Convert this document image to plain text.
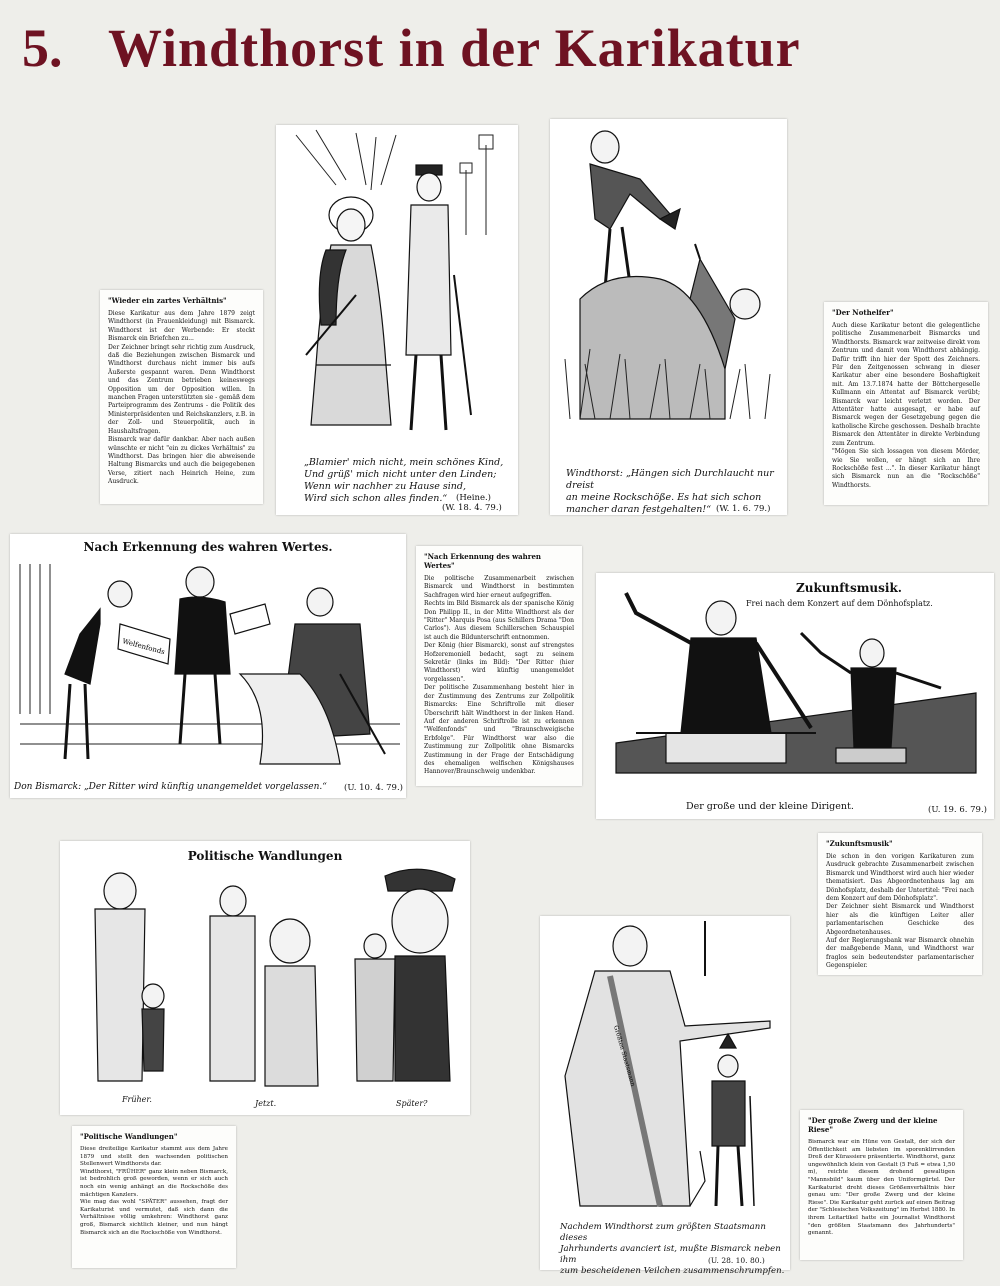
5. Windthorst in der Karikatur
„Blamier' mich nicht, mein schönes Kind,
Und grüß' mich nicht unter den Linden;
Wenn wir nachher zu Hause sind,
Wird sich schon alles finden.“	(Heine.)
(W. 18. 4. 79.)
"Wieder ein zartes Verhältnis"

Diese Karikatur aus dem Jahre 1879 zeigt Windthorst (in Frauenkleidung) mit Bismarck. Windthorst ist der Werbende: Er steckt Bismarck ein Briefchen zu...
Der Zeichner bringt sehr richtig zum Ausdruck, daß die Beziehungen zwischen Bismarck und Windthorst durchaus nicht immer bis aufs Äußerste gespannt waren. Denn Windthorst und das Zentrum betrieben keineswegs Opposition um der Opposition willen. In manchen Fragen unterstützten sie - gemäß dem Parteiprogramm des Zentrums - die Politik des Ministerpräsidenten und Reichskanzlers, z.B. in der Zoll- und Steuerpolitik, auch in Haushaltsfragen.
Bismarck war dafür dankbar. Aber nach außen wünschte er nicht "ein zu dickes Verhältnis" zu Windthorst. Das bringen hier die abweisende Haltung Bismarcks und auch die beigegebenen Verse, zitiert nach Heinrich Heine, zum Ausdruck.

Windthorst: „Hängen sich Durchlaucht nur dreist
an meine Rockschöße. Es hat sich schon
mancher daran festgehalten!“ (W. 1. 6. 79.)
"Der Nothelfer"

Auch diese Karikatur betont die gelegentliche politische Zusammenarbeit Bismarcks und Windthorsts. Bismarck war zeitweise direkt vom Zentrum und damit vom Windthorst abhängig. Dafür trifft ihn hier der Spott des Zeichners. Für den Zeitgenossen schwang in dieser Karikatur aber eine besondere Boshaftigkeit mit. Am 13.7.1874 hatte der Böttchergeselle Kullmann ein Attentat auf Bismarck verübt; Bismarck war leicht verletzt worden. Der Attentäter hatte ausgesagt, er habe auf Bismarck wegen der Gesetzgebung gegen die katholische Kirche geschossen. Deshalb brachte Bismarck den Attentäter in direkte Verbindung zum Zentrum.
"Mögen Sie sich lossagen von diesem Mörder, wie Sie wollen, er hängt sich an Ihre Rockschöße fest ...". In dieser Karikatur hängt sich Bismarck nun an die "Rockschöße" Windthorsts.

Nach Erkennung des wahren Wertes.
Welfenfonds
Don Bismarck: „Der Ritter wird künftig unangemeldet vorgelassen.“	(U. 10. 4. 79.)
"Nach Erkennung des wahren Wertes"

Die politische Zusammenarbeit zwischen Bismarck und Windthorst in bestimmten Sachfragen wird hier erneut aufgegriffen.
Rechts im Bild Bismarck als der spanische König Don Philipp II., in der Mitte Windthorst als der "Ritter" Marquis Posa (aus Schillers Drama "Don Carlos"). Aus diesem Schillerschen Schauspiel ist auch die Bildunterschrift entnommen.
Der König (hier Bismarck), sonst auf strengstes Hofzeremoniell bedacht, sagt zu seinem Sekretär (links im Bild): "Der Ritter (hier Windthorst) wird künftig unangemeldet vorgelassen".
Der politische Zusammenhang besteht hier in der Zustimmung des Zentrums zur Zollpolitik Bismarcks: Eine Schriftrolle mit dieser Überschrift hält Windthorst in der linken Hand. Auf der anderen Schriftrolle ist zu erkennen "Welfenfonds" und "Braunschweigische Erbfolge". Für Windthorst war also die Zustimmung zur Zollpolitik ohne Bismarcks Zustimmung in der Frage der Entschädigung des ehemaligen welfischen Königshauses Hannover/Braunschweig undenkbar.

Zukunftsmusik.
Frei nach dem Konzert auf dem Dönhofsplatz.
Der große und der kleine Dirigent.	(U. 19. 6. 79.)
"Zukunftsmusik"

Die schon in den vorigen Karikaturen zum Ausdruck gebrachte Zusammenarbeit zwischen Bismarck und Windthorst wird auch hier wieder thematisiert. Das Abgeordnetenhaus lag am Dönhofsplatz, deshalb der Untertitel: "Frei nach dem Konzert auf dem Dönhofsplatz".
Der Zeichner sieht Bismarck und Windthorst hier als die künftigen Leiter aller parlamentarischen Geschicke des Abgeordnetenhauses.
Auf der Regierungsbank war Bismarck ohnehin der maßgebende Mann, und Windthorst war fraglos sein bedeutendster parlamentarischer Gegenspieler.

Politische Wandlungen
Früher.	Jetzt.	Später?
"Politische Wandlungen"

Diese dreiteilige Karikatur stammt aus dem Jahre 1879 und stellt den wachsenden politischen Stellenwert Windthorsts dar.
Windthorst, "FRÜHER" ganz klein neben Bismarck, ist bedrohlich groß geworden, wenn er sich auch noch ein wenig anhängt an die Rockschöße des mächtigen Kanzlers.
Wie mag das wohl "SPÄTER" aussehen, fragt der Karikaturist und vermutet, daß sich dann die Verhältnisse völlig umkehren: Windthorst ganz groß, Bismarck sichtlich kleiner, und nun hängt Bismarck sich an die Rockschöße von Windthorst.

Größten Staatsmann
Nachdem Windthorst zum größten Staatsmann dieses
Jahrhunderts avanciert ist, mußte Bismarck neben ihm
zum bescheidenen Veilchen zusammenschrumpfen.
(U. 28. 10. 80.)
"Der große Zwerg und der kleine Riese"

Bismarck war ein Hüne von Gestalt, der sich der Öffentlichkeit am liebsten im sporenklirrenden Dreß der Kürassiere präsentierte. Windthorst, ganz ungewöhnlich klein von Gestalt (5 Fuß = etwa 1,50 m), reichte diesem drohend gewaltigen "Mannsbild" kaum über den Uniformgürtel. Der Karikaturist dreht dieses Größenverhältnis hier genau um: "Der große Zwerg und der kleine Riese". Die Karikatur geht zurück auf einen Beitrag der "Schlesischen Volkszeitung" im Herbst 1880. In ihrem Leitartikel hatte ein Journalist Windthorst "den größten Staatsmann des Jahrhunderts" genannt.
